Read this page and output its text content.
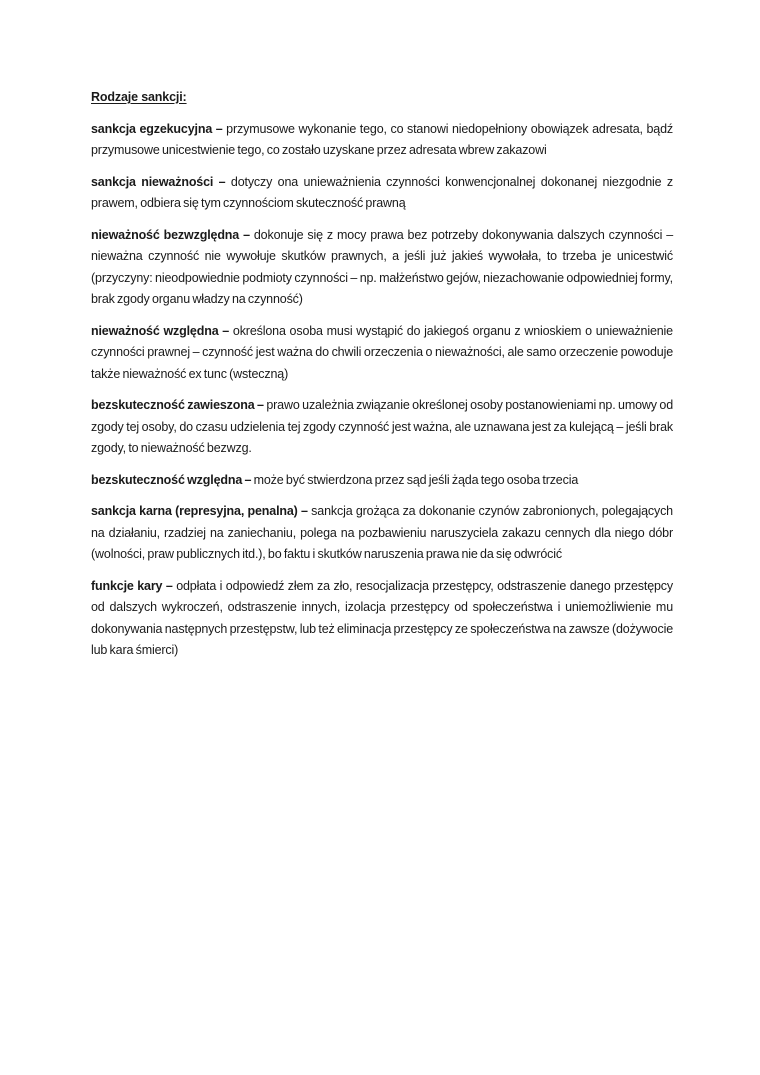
Rodzaje sankcji:

sankcja egzekucyjna – przymusowe wykonanie tego, co stanowi niedopełniony obowiązek adresata, bądź przymusowe unicestwienie tego, co zostało uzyskane przez adresata wbrew zakazowi

sankcja nieważności – dotyczy ona unieważnienia czynności konwencjonalnej dokonanej niezgodnie z prawem, odbiera się tym czynnościom skuteczność prawną

nieważność bezwzględna – dokonuje się z mocy prawa bez potrzeby dokonywania dalszych czynności – nieważna czynność nie wywołuje skutków prawnych, a jeśli już jakieś wywołała, to trzeba je unicestwić (przyczyny: nieodpowiednie podmioty czynności – np. małżeństwo gejów, niezachowanie odpowiedniej formy, brak zgody organu władzy na czynność)

nieważność względna – określona osoba musi wystąpić do jakiegoś organu z wnioskiem o unieważnienie czynności prawnej – czynność jest ważna do chwili orzeczenia o nieważności, ale samo orzeczenie powoduje także nieważność ex tunc (wsteczną)

bezskuteczność zawieszona – prawo uzależnia związanie określonej osoby postanowieniami np. umowy od zgody tej osoby, do czasu udzielenia tej zgody czynność jest ważna, ale uznawana jest za kulejącą – jeśli brak zgody, to nieważność bezwzg.

bezskuteczność względna – może być stwierdzona przez sąd jeśli żąda tego osoba trzecia

sankcja karna (represyjna, penalna) – sankcja grożąca za dokonanie czynów zabronionych, polegających na działaniu, rzadziej na zaniechaniu, polega na pozbawieniu naruszyciela zakazu cennych dla niego dóbr (wolności, praw publicznych itd.), bo faktu i skutków naruszenia prawa nie da się odwrócić

funkcje kary – odpłata i odpowiedź złem za zło, resocjalizacja przestępcy, odstraszenie danego przestępcy od dalszych wykroczeń, odstraszenie innych, izolacja przestępcy od społeczeństwa i uniemożliwienie mu dokonywania następnych przestępstw, lub też eliminacja przestępcy ze społeczeństwa na zawsze (dożywocie lub kara śmierci)
